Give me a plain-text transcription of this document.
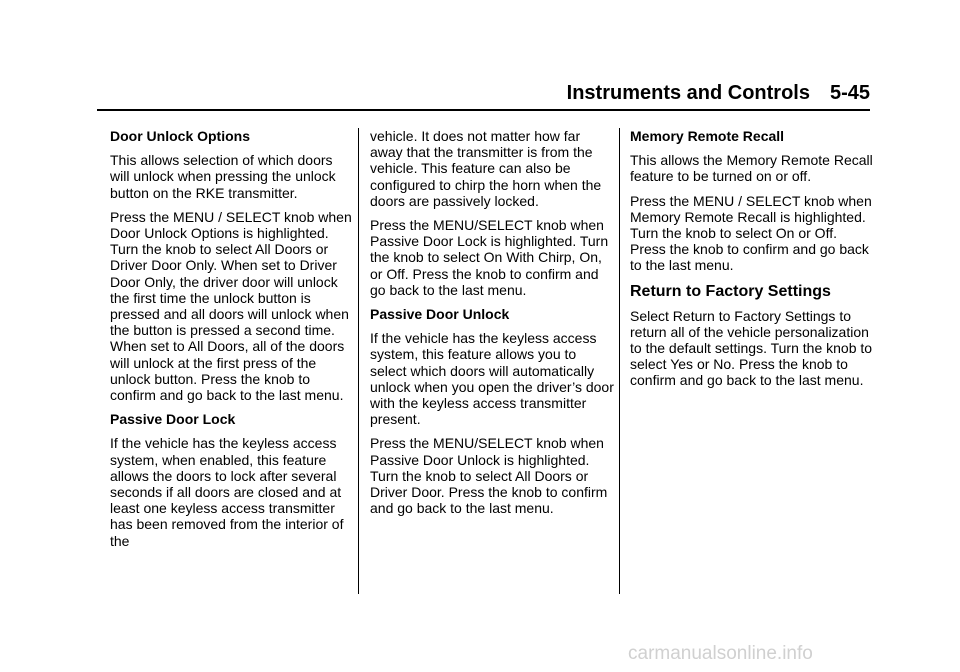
Instruments and Controls 5-45

Door Unlock Options

This allows selection of which doors will unlock when pressing the unlock button on the RKE transmitter.

Press the MENU / SELECT knob when Door Unlock Options is highlighted. Turn the knob to select All Doors or Driver Door Only. When set to Driver Door Only, the driver door will unlock the first time the unlock button is pressed and all doors will unlock when the button is pressed a second time. When set to All Doors, all of the doors will unlock at the first press of the unlock button. Press the knob to confirm and go back to the last menu.

Passive Door Lock

If the vehicle has the keyless access system, when enabled, this feature allows the doors to lock after several seconds if all doors are closed and at least one keyless access transmitter has been removed from the interior of the

vehicle. It does not matter how far away that the transmitter is from the vehicle. This feature can also be configured to chirp the horn when the doors are passively locked.

Press the MENU/SELECT knob when Passive Door Lock is highlighted. Turn the knob to select On With Chirp, On, or Off. Press the knob to confirm and go back to the last menu.

Passive Door Unlock

If the vehicle has the keyless access system, this feature allows you to select which doors will automatically unlock when you open the driver’s door with the keyless access transmitter present.

Press the MENU/SELECT knob when Passive Door Unlock is highlighted. Turn the knob to select All Doors or Driver Door. Press the knob to confirm and go back to the last menu.

Memory Remote Recall

This allows the Memory Remote Recall feature to be turned on or off.

Press the MENU / SELECT knob when Memory Remote Recall is highlighted. Turn the knob to select On or Off. Press the knob to confirm and go back to the last menu.

Return to Factory Settings

Select Return to Factory Settings to return all of the vehicle personalization to the default settings. Turn the knob to select Yes or No. Press the knob to confirm and go back to the last menu.

carmanualsonline.info
